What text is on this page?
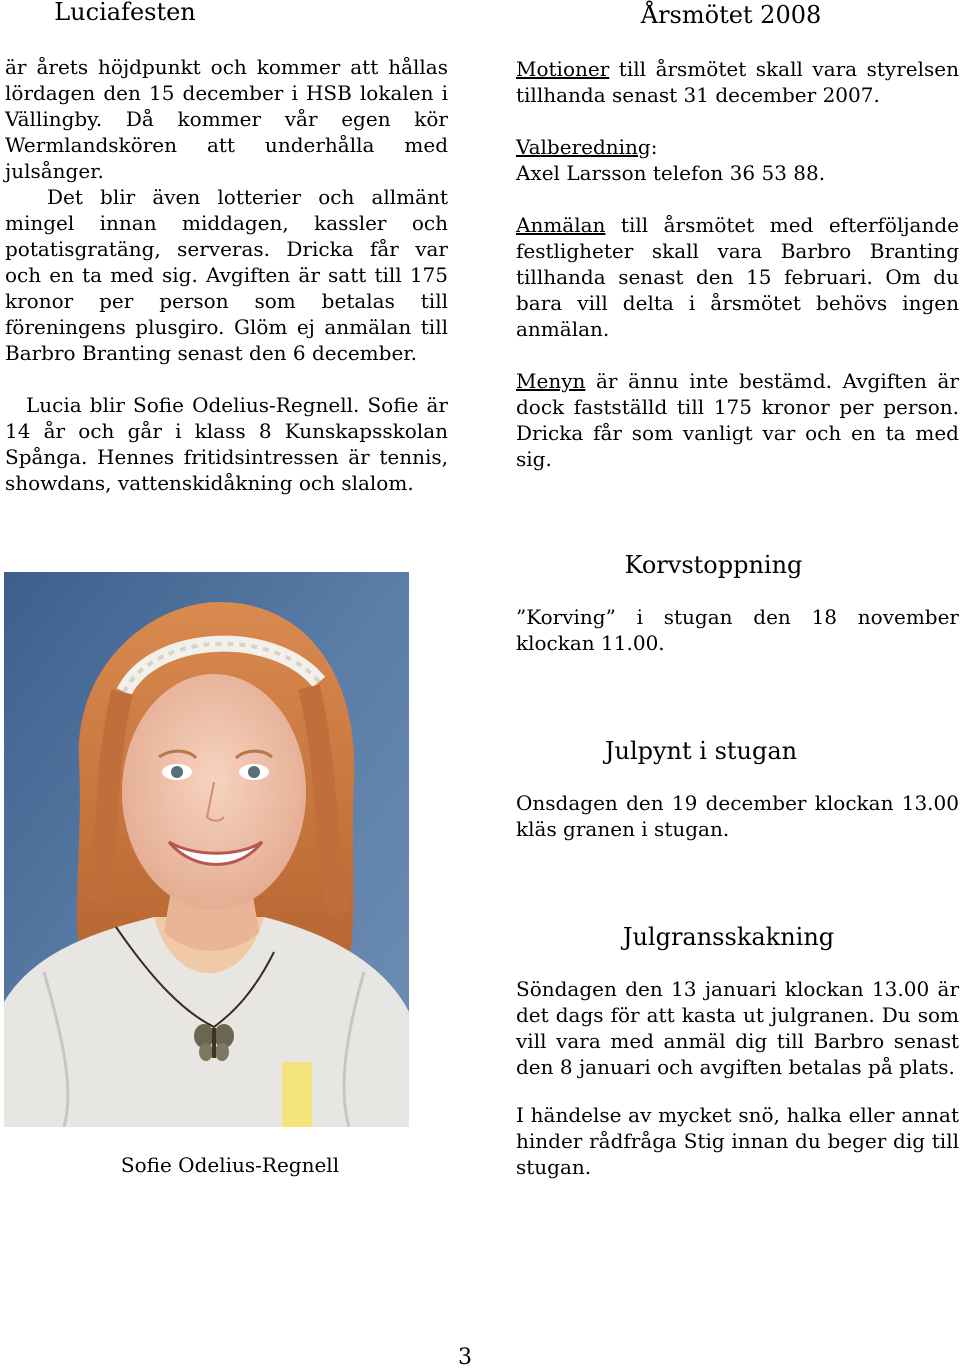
Luciafesten

är årets höjdpunkt och kommer att hållas lördagen den 15 december i HSB lokalen i Vällingby. Då kommer vår egen kör Wermlandskören att underhålla med julsånger.

Det blir även lotterier och allmänt mingel innan middagen, kassler och potatisgratäng, serveras. Dricka får var och en ta med sig. Avgiften är satt till 175 kronor per person som betalas till föreningens plusgiro. Glöm ej anmälan till Barbro Branting senast den 6 december.

Lucia blir Sofie Odelius-Regnell. Sofie är 14 år och går i klass 8 Kunskapsskolan Spånga. Hennes fritidsintressen är tennis, showdans, vattenskidåkning och slalom.

Sofie Odelius-Regnell
Årsmötet 2008

Motioner till årsmötet skall vara styrelsen tillhanda senast 31 december 2007.

Valberedning:
Axel Larsson telefon 36 53 88.

Anmälan till årsmötet med efterföljande festligheter skall vara Barbro Branting tillhanda senast den 15 februari. Om du bara vill delta i årsmötet behövs ingen anmälan.

Menyn är ännu inte bestämd. Avgiften är dock fastställd till 175 kronor per person. Dricka får som vanligt var och en ta med sig.

Korvstoppning

”Korving” i stugan den 18 november klockan 11.00.

Julpynt i stugan

Onsdagen den 19 december klockan 13.00 kläs granen i stugan.

Julgransskakning

Söndagen den 13 januari klockan 13.00 är det dags för att kasta ut julgranen. Du som vill vara med anmäl dig till Barbro senast den 8 januari och avgiften betalas på plats.

I händelse av mycket snö, halka eller annat hinder rådfråga Stig innan du beger dig till stugan.

3
